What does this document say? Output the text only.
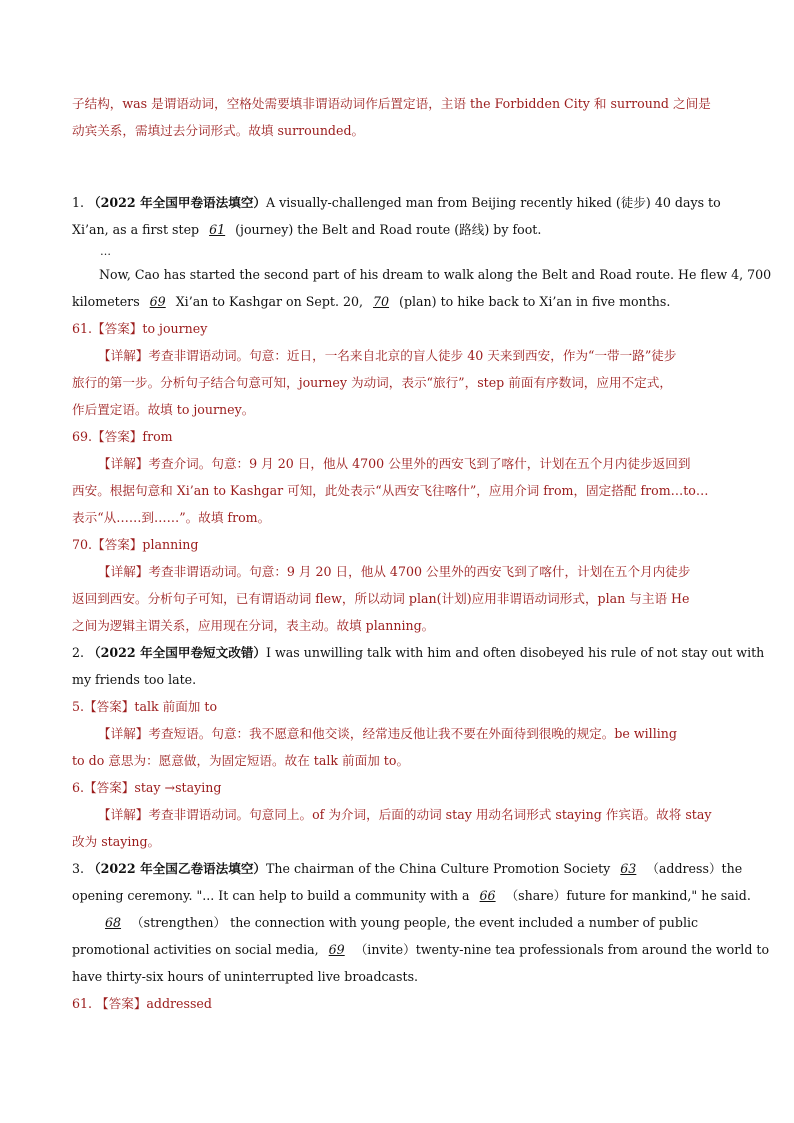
子结构，was 是谓语动词，空格处需要填非谓语动词作后置定语，主语 the Forbidden City 和 surround 之间是
动宾关系，需填过去分词形式。故填 surrounded。
1. （2022 年全国甲卷语法填空）A visually-challenged man from Beijing recently hiked (徒步) 40 days to
Xi’an, as a first step 61 (journey) the Belt and Road route (路线) by foot.
…
Now, Cao has started the second part of his dream to walk along the Belt and Road route. He flew 4, 700
kilometers 69 Xi’an to Kashgar on Sept. 20, 70 (plan) to hike back to Xi’an in five months.
61.【答案】to journey
【详解】考查非谓语动词。句意：近日，一名来自北京的盲人徒步 40 天来到西安，作为“一带一路”徒步
旅行的第一步。分析句子结合句意可知，journey 为动词，表示“旅行”，step 前面有序数词，应用不定式，
作后置定语。故填 to journey。
69.【答案】from
【详解】考查介词。句意：9 月 20 日，他从 4700 公里外的西安飞到了喀什，计划在五个月内徒步返回到
西安。根据句意和 Xi’an to Kashgar 可知，此处表示“从西安飞往喀什”，应用介词 from，固定搭配 from…to…
表示“从……到……”。故填 from。
70.【答案】planning
【详解】考查非谓语动词。句意：9 月 20 日，他从 4700 公里外的西安飞到了喀什，计划在五个月内徒步
返回到西安。分析句子可知，已有谓语动词 flew，所以动词 plan(计划)应用非谓语动词形式，plan 与主语 He
之间为逻辑主谓关系，应用现在分词，表主动。故填 planning。
2. （2022 年全国甲卷短文改错）I was unwilling talk with him and often disobeyed his rule of not stay out with
my friends too late.
5.【答案】talk 前面加 to
【详解】考查短语。句意：我不愿意和他交谈，经常违反他让我不要在外面待到很晚的规定。be willing
to do 意思为：愿意做，为固定短语。故在 talk 前面加 to。
6.【答案】stay →staying
【详解】考查非谓语动词。句意同上。of 为介词，后面的动词 stay 用动名词形式 staying 作宾语。故将 stay
改为 staying。
3. （2022 年全国乙卷语法填空）The chairman of the China Culture Promotion Society 63 （address）the
opening ceremony. "... It can help to build a community with a 66 （share）future for mankind," he said.
68 （strengthen） the connection with young people, the event included a number of public
promotional activities on social media, 69 （invite）twenty-nine tea professionals from around the world to
have thirty-six hours of uninterrupted live broadcasts.
61. 【答案】addressed
